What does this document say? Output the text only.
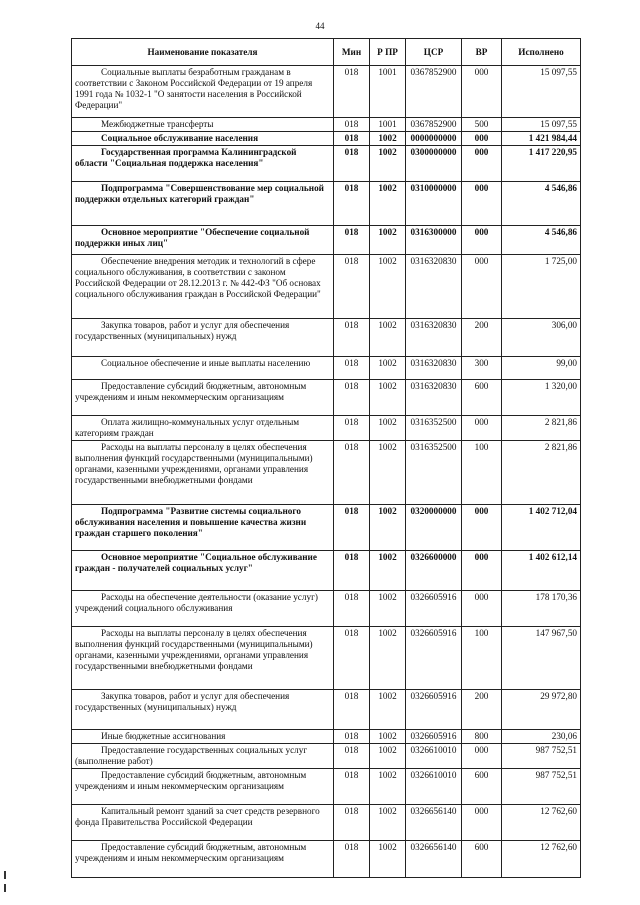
44
Наименование показателя	Мин	Р ПР	ЦСР	ВР	Исполнено

Социальные выплаты безработным гражданам в соответствии с Законом Российской Федерации от 19 апреля 1991 года № 1032-1 "О занятости населения в Российской Федерации"	018	1001	0367852900	000	15 097,55

Межбюджетные трансферты	018	1001	0367852900	500	15 097,55

Социальное обслуживание населения	018	1002	0000000000	000	1 421 984,44

Государственная программа Калининградской области "Социальная поддержка населения"	018	1002	0300000000	000	1 417 220,95

Подпрограмма "Совершенствование мер социальной поддержки отдельных категорий граждан"	018	1002	0310000000	000	4 546,86

Основное мероприятие "Обеспечение социальной поддержки иных лиц"	018	1002	0316300000	000	4 546,86

Обеспечение внедрения методик и технологий в сфере социального обслуживания, в соответствии с законом Российской Федерации от 28.12.2013 г. № 442-ФЗ "Об основах социального обслуживания граждан в Российской Федерации"	018	1002	0316320830	000	1 725,00

Закупка товаров, работ и услуг для обеспечения государственных (муниципальных) нужд	018	1002	0316320830	200	306,00

Социальное обеспечение и иные выплаты населению	018	1002	0316320830	300	99,00

Предоставление субсидий бюджетным, автономным учреждениям и иным некоммерческим организациям	018	1002	0316320830	600	1 320,00

Оплата жилищно-коммунальных услуг отдельным категориям граждан	018	1002	0316352500	000	2 821,86

Расходы на выплаты персоналу в целях обеспечения выполнения функций государственными (муниципальными) органами, казенными учреждениями, органами управления государственными внебюджетными фондами	018	1002	0316352500	100	2 821,86

Подпрограмма "Развитие системы социального обслуживания населения и повышение качества жизни граждан старшего поколения"	018	1002	0320000000	000	1 402 712,04

Основное мероприятие "Социальное обслуживание граждан - получателей социальных услуг"	018	1002	0326600000	000	1 402 612,14

Расходы на обеспечение деятельности (оказание услуг) учреждений социального обслуживания	018	1002	0326605916	000	178 170,36

Расходы на выплаты персоналу в целях обеспечения выполнения функций государственными (муниципальными) органами, казенными учреждениями, органами управления государственными внебюджетными фондами	018	1002	0326605916	100	147 967,50

Закупка товаров, работ и услуг для обеспечения государственных (муниципальных) нужд	018	1002	0326605916	200	29 972,80

Иные бюджетные ассигнования	018	1002	0326605916	800	230,06

Предоставление государственных социальных услуг (выполнение работ)	018	1002	0326610010	000	987 752,51

Предоставление субсидий бюджетным, автономным учреждениям и иным некоммерческим организациям	018	1002	0326610010	600	987 752,51

Капитальный ремонт зданий за счет средств резервного фонда Правительства Российской Федерации	018	1002	0326656140	000	12 762,60

Предоставление субсидий бюджетным, автономным учреждениям и иным некоммерческим организациям	018	1002	0326656140	600	12 762,60
